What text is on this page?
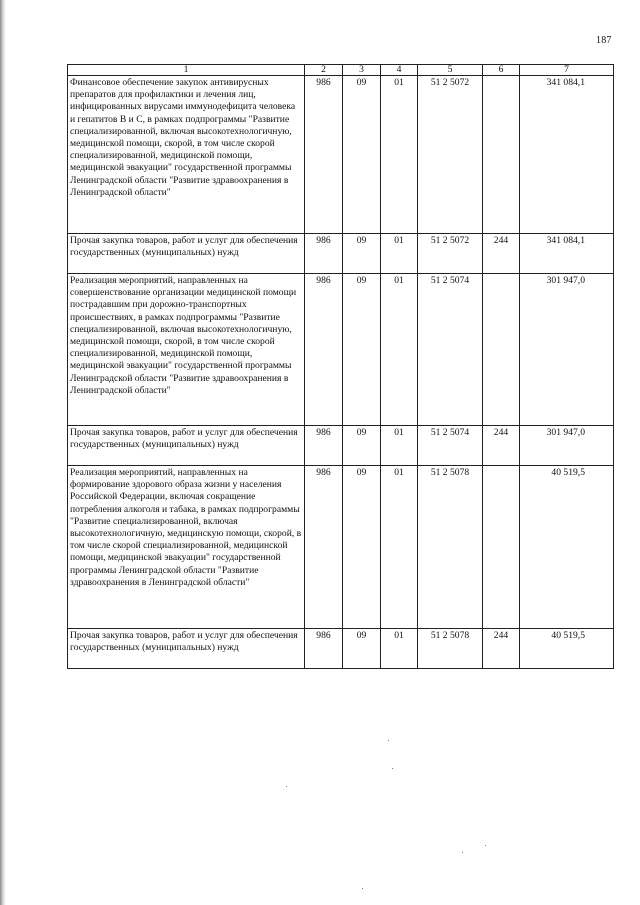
187
1	2	3	4	5	6	7
Финансовое обеспечение закупок антивирусных препаратов для профилактики и лечения лиц, инфицированных вирусами иммунодефицита человека и гепатитов В и С, в рамках подпрограммы "Развитие специализированной, включая высокотехнологичную, медицинской помощи, скорой, в том числе скорой специализированной, медицинской помощи, медицинской эвакуации" государственной программы Ленинградской области "Развитие здравоохранения в Ленинградской области"	986	09	01	51 2 5072		341 084,1
Прочая закупка товаров, работ и услуг для обеспечения государственных (муниципальных) нужд	986	09	01	51 2 5072	244	341 084,1
Реализация мероприятий, направленных на совершенствование организации медицинской помощи пострадавшим при дорожно-транспортных происшествиях, в рамках подпрограммы "Развитие специализированной, включая высокотехнологичную, медицинской помощи, скорой, в том числе скорой специализированной, медицинской помощи, медицинской эвакуации" государственной программы Ленинградской области "Развитие здравоохранения в Ленинградской области"	986	09	01	51 2 5074		301 947,0
Прочая закупка товаров, работ и услуг для обеспечения государственных (муниципальных) нужд	986	09	01	51 2 5074	244	301 947,0
Реализация мероприятий, направленных на формирование здорового образа жизни у населения Российской Федерации, включая сокращение потребления алкоголя и табака, в рамках подпрограммы "Развитие специализированной, включая высокотехнологичную, медицинскую помощи, скорой, в том числе скорой специализированной, медицинской помощи, медицинской эвакуации" государственной программы Ленинградской области "Развитие здравоохранения в Ленинградской области"	986	09	01	51 2 5078		40 519,5
Прочая закупка товаров, работ и услуг для обеспечения государственных (муниципальных) нужд	986	09	01	51 2 5078	244	40 519,5
